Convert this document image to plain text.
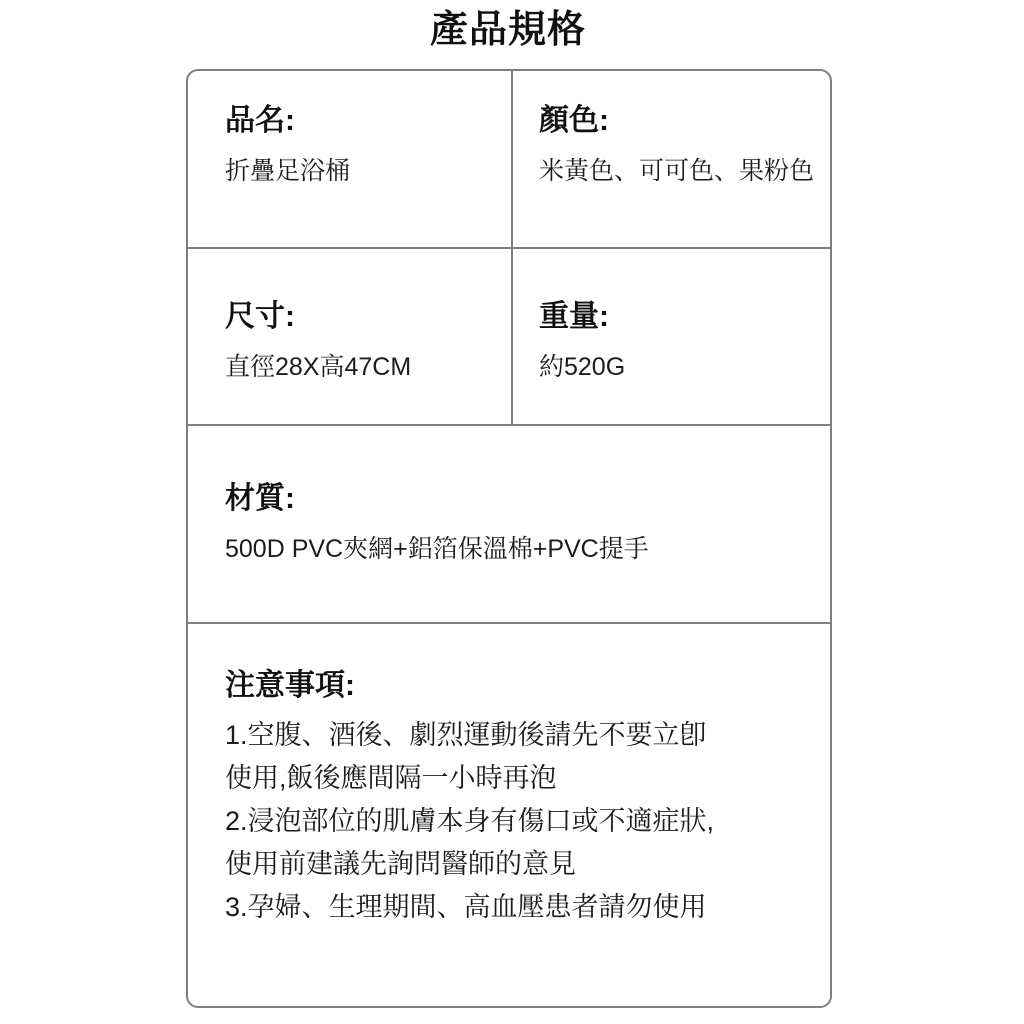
產品規格
品名:
折疊足浴桶
顏色:
米黃色、可可色、果粉色
尺寸:
直徑28X高47CM
重量:
約520G
材質:
500D PVC夾網+鋁箔保溫棉+PVC提手
注意事項:
1.空腹、酒後、劇烈運動後請先不要立卽
使用,飯後應間隔一小時再泡
2.浸泡部位的肌膚本身有傷口或不適症狀,
使用前建議先詢問醫師的意見
3.孕婦、生理期間、高血壓患者請勿使用
